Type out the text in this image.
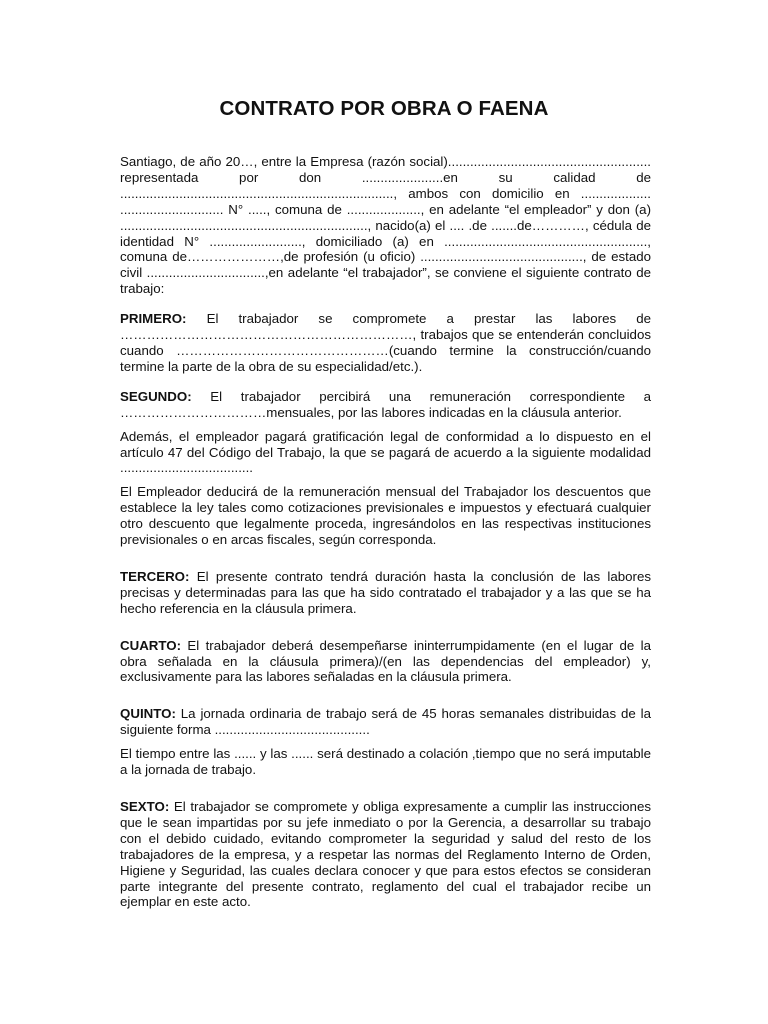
CONTRATO POR OBRA O FAENA

Santiago, de año 20…, entre la Empresa (razón social)....................................................... representada por don ......................en su calidad de .........................................................................., ambos con domicilio en ................... ............................ N° ....., comuna de ...................., en adelante “el empleador” y don (a) ..................................................................., nacido(a) el .... .de .......de…………, cédula de identidad N° ........................., domiciliado (a) en ......................................................., comuna de…………………,de profesión (u oficio) ............................................, de estado civil ................................,en adelante “el trabajador”, se conviene el siguiente contrato de trabajo:

PRIMERO: El trabajador se compromete a prestar las labores de …………………………………………………………, trabajos que se entenderán concluidos cuando …………………………………………(cuando termine la construcción/cuando termine la parte de la obra de su especialidad/etc.).

SEGUNDO: El trabajador percibirá una remuneración correspondiente a ……………………………mensuales, por las labores indicadas en la cláusula anterior.

Además, el empleador pagará gratificación legal de conformidad a lo dispuesto en el artículo 47 del Código del Trabajo, la que se pagará de acuerdo a la siguiente modalidad ....................................

El Empleador deducirá de la remuneración mensual del Trabajador los descuentos que establece la ley tales como cotizaciones previsionales e impuestos y efectuará cualquier otro descuento que legalmente proceda, ingresándolos en las respectivas instituciones previsionales o en arcas fiscales, según corresponda.

TERCERO: El presente contrato tendrá duración hasta la conclusión de las labores precisas y determinadas para las que ha sido contratado el trabajador y a las que se ha hecho referencia en la cláusula primera.

CUARTO: El trabajador deberá desempeñarse ininterrumpidamente (en el lugar de la obra señalada en la cláusula primera)/(en las dependencias del empleador) y, exclusivamente para las labores señaladas en la cláusula primera.

QUINTO: La jornada ordinaria de trabajo será de 45 horas semanales distribuidas de la siguiente forma ..........................................

El tiempo entre las ...... y las ...... será destinado a colación ,tiempo que no será imputable a la jornada de trabajo.

SEXTO: El trabajador se compromete y obliga expresamente a cumplir las instrucciones que le sean impartidas por su jefe inmediato o por la Gerencia, a desarrollar su trabajo con el debido cuidado, evitando comprometer la seguridad y salud del resto de los trabajadores de la empresa, y a respetar las normas del Reglamento Interno de Orden, Higiene y Seguridad, las cuales declara conocer y que para estos efectos se consideran parte integrante del presente contrato, reglamento del cual el trabajador recibe un ejemplar en este acto.
